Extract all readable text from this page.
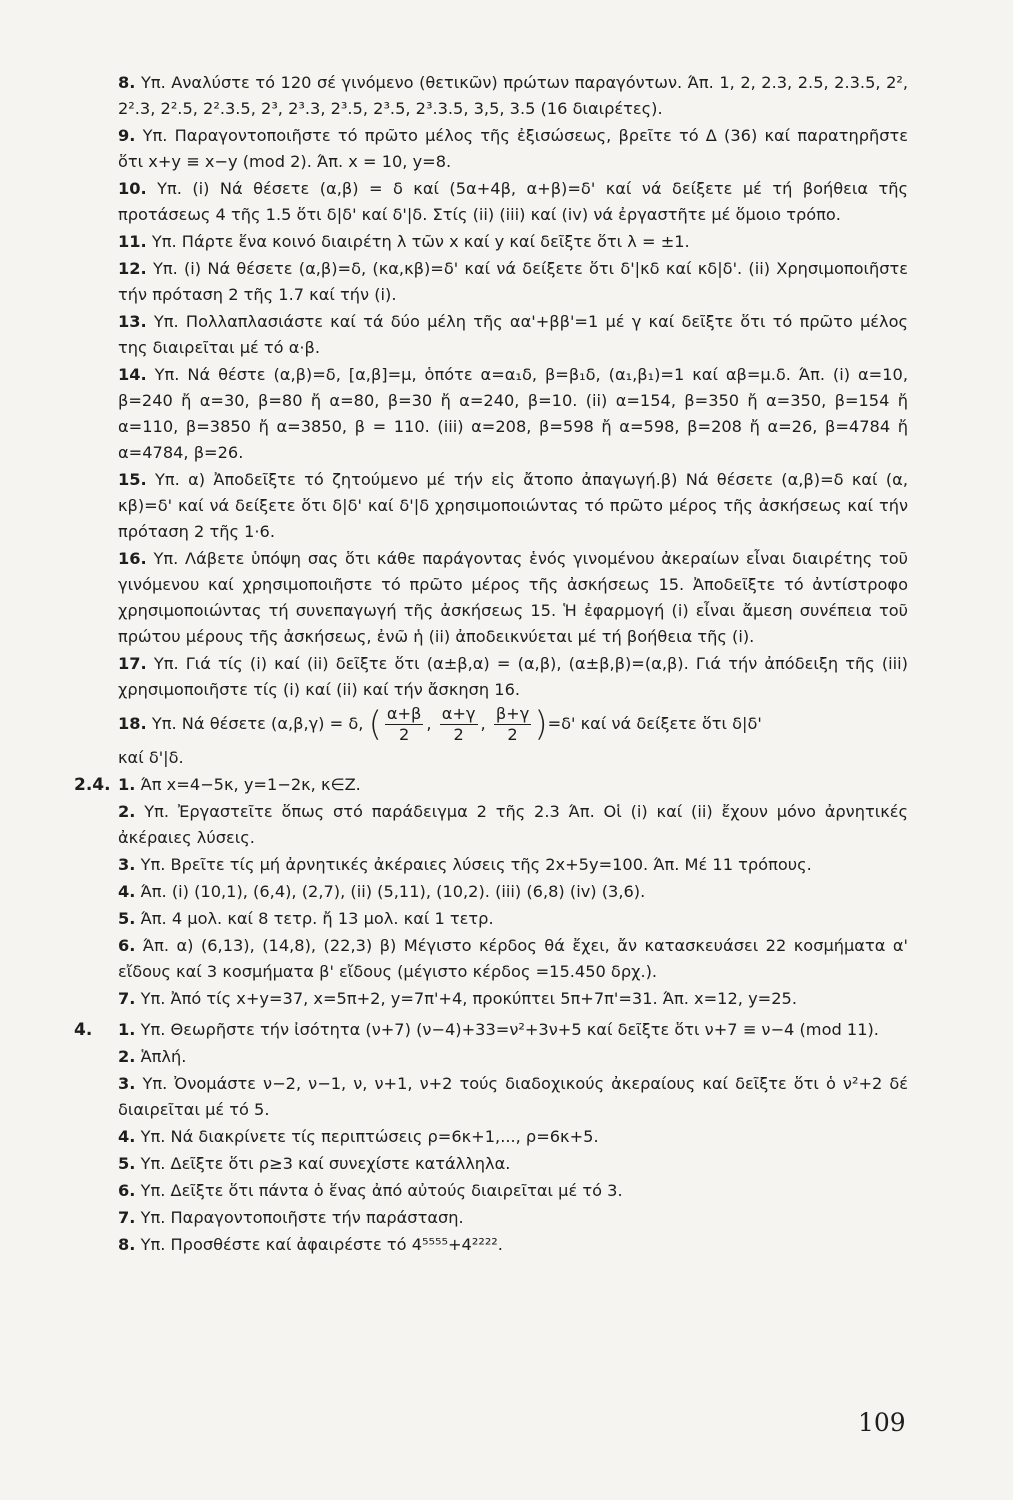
8. Υπ. Αναλύστε τό 120 σέ γινόμενο (θετικῶν) πρώτων παραγόντων. Άπ. 1, 2, 2.3, 2.5, 2.3.5, 2², 2².3, 2².5, 2².3.5, 2³, 2³.3, 2³.5, 2³.5, 2³.3.5, 3,5, 3.5 (16 διαιρέτες).
9. Υπ. Παραγοντοποιῆστε τό πρῶτο μέλος τῆς ἐξισώσεως, βρεῖτε τό Δ (36) καί παρατηρῆστε ὅτι x+y ≡ x−y (mod 2). Άπ. x = 10, y=8.
10. Υπ. (i) Νά θέσετε (α,β) = δ καί (5α+4β, α+β)=δ' καί νά δείξετε μέ τή βοήθεια τῆς προτάσεως 4 τῆς 1.5 ὅτι δ|δ' καί δ'|δ. Στίς (ii) (iii) καί (iv) νά ἐργαστῆτε μέ ὅμοιο τρόπο.
11. Υπ. Πάρτε ἕνα κοινό διαιρέτη λ τῶν x καί y καί δεῖξτε ὅτι λ = ±1.
12. Υπ. (i) Νά θέσετε (α,β)=δ, (κα,κβ)=δ' καί νά δείξετε ὅτι δ'|κδ καί κδ|δ'. (ii) Χρησιμοποιῆστε τήν πρόταση 2 τῆς 1.7 καί τήν (i).
13. Υπ. Πολλαπλασιάστε καί τά δύο μέλη τῆς αα'+ββ'=1 μέ γ καί δεῖξτε ὅτι τό πρῶτο μέλος της διαιρεῖται μέ τό α·β.
14. Υπ. Νά θέστε (α,β)=δ, [α,β]=μ, ὁπότε α=α₁δ, β=β₁δ, (α₁,β₁)=1 καί αβ=μ.δ. Άπ. (i) α=10, β=240 ἤ α=30, β=80 ἤ α=80, β=30 ἤ α=240, β=10. (ii) α=154, β=350 ἤ α=350, β=154 ἤ α=110, β=3850 ἤ α=3850, β = 110. (iii) α=208, β=598 ἤ α=598, β=208 ἤ α=26, β=4784 ἤ α=4784, β=26.
15. Υπ. α) Ἀποδεῖξτε τό ζητούμενο μέ τήν εἰς ἄτοπο ἀπαγωγή.β) Νά θέσετε (α,β)=δ καί (α, κβ)=δ' καί νά δείξετε ὅτι δ|δ' καί δ'|δ χρησιμοποιώντας τό πρῶτο μέρος τῆς ἀσκήσεως καί τήν πρόταση 2 τῆς 1·6.
16. Υπ. Λάβετε ὑπόψη σας ὅτι κάθε παράγοντας ἑνός γινομένου ἀκεραίων εἶναι διαιρέτης τοῦ γινόμενου καί χρησιμοποιῆστε τό πρῶτο μέρος τῆς ἀσκήσεως 15. Ἀποδεῖξτε τό ἀντίστροφο χρησιμοποιώντας τή συνεπαγωγή τῆς ἀσκήσεως 15. Ἡ ἐφαρμογή (i) εἶναι ἄμεση συνέπεια τοῦ πρώτου μέρους τῆς ἀσκήσεως, ἐνῶ ἡ (ii) ἀποδεικνύεται μέ τή βοήθεια τῆς (i).
17. Υπ. Γιά τίς (i) καί (ii) δεῖξτε ὅτι (α±β,α) = (α,β), (α±β,β)=(α,β). Γιά τήν ἀπόδειξη τῆς (iii) χρησιμοποιῆστε τίς (i) καί (ii) καί τήν ἄσκηση 16.
18. Υπ. Νά θέσετε (α,β,γ) = δ, ( $\frac{\alpha+\beta}{2}$ , $\frac{\alpha+\gamma}{2}$ , $\frac{\beta+\gamma}{2} )=\delta'$ καί νά δείξετε ὅτι δ|δ'
καί δ'|δ.
2.4. 1. Άπ x=4−5κ, y=1−2κ, κ∈Z.
2. Υπ. Ἐργαστεῖτε ὅπως στό παράδειγμα 2 τῆς 2.3 Άπ. Οἱ (i) καί (ii) ἔχουν μόνο ἀρνητικές ἀκέραιες λύσεις.
3. Υπ. Βρεῖτε τίς μή ἀρνητικές ἀκέραιες λύσεις τῆς 2x+5y=100. Άπ. Μέ 11 τρόπους.
4. Άπ. (i) (10,1), (6,4), (2,7), (ii) (5,11), (10,2). (iii) (6,8) (iv) (3,6).
5. Άπ. 4 μολ. καί 8 τετρ. ἤ 13 μολ. καί 1 τετρ.
6. Άπ. α) (6,13), (14,8), (22,3) β) Μέγιστο κέρδος θά ἔχει, ἄν κατασκευάσει 22 κοσμήματα α' εἴδους καί 3 κοσμήματα β' εἴδους (μέγιστο κέρδος =15.450 δρχ.).
7. Υπ. Ἀπό τίς x+y=37, x=5π+2, y=7π'+4, προκύπτει 5π+7π'=31. Άπ. x=12, y=25.
4. 1. Υπ. Θεωρῆστε τήν ἰσότητα (ν+7) (ν−4)+33=ν²+3ν+5 καί δεῖξτε ὅτι ν+7 ≡ ν−4 (mod 11).
2. Ἁπλή.
3. Υπ. Ὀνομάστε ν−2, ν−1, ν, ν+1, ν+2 τούς διαδοχικούς ἀκεραίους καί δεῖξτε ὅτι ὁ ν²+2 δέ διαιρεῖται μέ τό 5.
4. Υπ. Νά διακρίνετε τίς περιπτώσεις ρ=6κ+1,..., ρ=6κ+5.
5. Υπ. Δεῖξτε ὅτι ρ≥3 καί συνεχίστε κατάλληλα.
6. Υπ. Δεῖξτε ὅτι πάντα ὁ ἕνας ἀπό αὐτούς διαιρεῖται μέ τό 3.
7. Υπ. Παραγοντοποιῆστε τήν παράσταση.
8. Υπ. Προσθέστε καί ἀφαιρέστε τό 4⁵⁵⁵⁵+4²²²².
109
